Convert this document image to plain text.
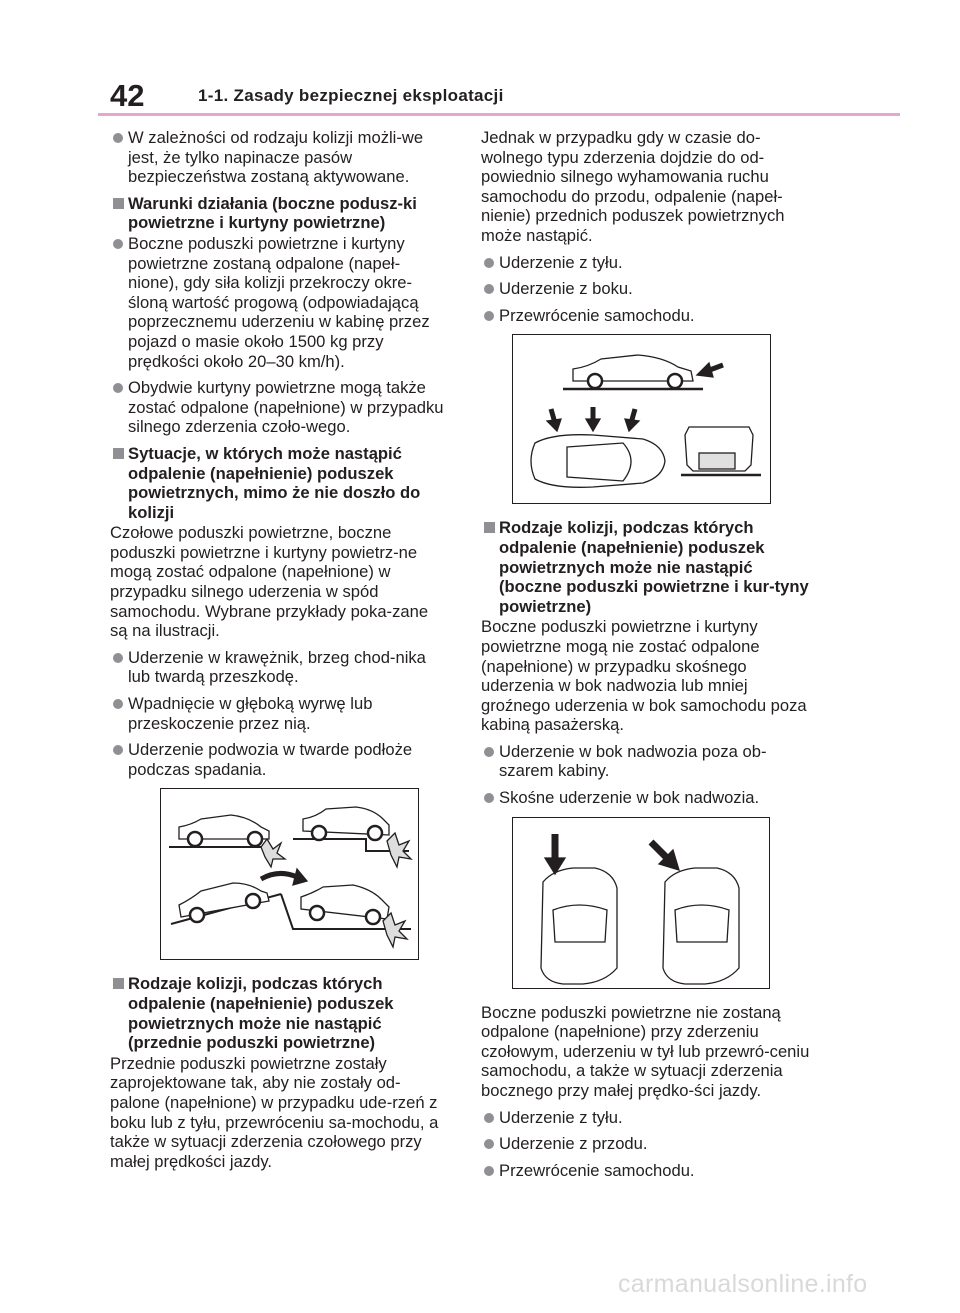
42	1-1. Zasady bezpiecznej eksploatacji
W zależności od rodzaju kolizji możli-we jest, że tylko napinacze pasów bezpieczeństwa zostaną aktywowane.
Warunki działania (boczne podusz-ki powietrzne i kurtyny powietrzne)
Boczne poduszki powietrzne i kurtyny powietrzne zostaną odpalone (napeł-nione), gdy siła kolizji przekroczy okre-śloną wartość progową (odpowiadającą poprzecznemu uderzeniu w kabinę przez pojazd o masie około 1500 kg przy prędkości około 20–30 km/h).
Obydwie kurtyny powietrzne mogą także zostać odpalone (napełnione) w przypadku silnego zderzenia czoło-wego.
Sytuacje, w których może nastąpić odpalenie (napełnienie) poduszek powietrznych, mimo że nie doszło do kolizji
Czołowe poduszki powietrzne, boczne poduszki powietrzne i kurtyny powietrz-ne mogą zostać odpalone (napełnione) w przypadku silnego uderzenia w spód samochodu. Wybrane przykłady poka-zane są na ilustracji.
Uderzenie w krawężnik, brzeg chod-nika lub twardą przeszkodę.
Wpadnięcie w głęboką wyrwę lub przeskoczenie przez nią.
Uderzenie podwozia w twarde podłoże podczas spadania.
Rodzaje kolizji, podczas których odpalenie (napełnienie) poduszek powietrznych może nie nastąpić (przednie poduszki powietrzne)
Przednie poduszki powietrzne zostały zaprojektowane tak, aby nie zostały od-palone (napełnione) w przypadku ude-rzeń z boku lub z tyłu, przewróceniu sa-mochodu, a także w sytuacji zderzenia czołowego przy małej prędkości jazdy.
Jednak w przypadku gdy w czasie do-wolnego typu zderzenia dojdzie do od-powiednio silnego wyhamowania ruchu samochodu do przodu, odpalenie (napeł-nienie) przednich poduszek powietrznych może nastąpić.
Uderzenie z tyłu.
Uderzenie z boku.
Przewrócenie samochodu.
Rodzaje kolizji, podczas których odpalenie (napełnienie) poduszek powietrznych może nie nastąpić (boczne poduszki powietrzne i kur-tyny powietrzne)
Boczne poduszki powietrzne i kurtyny powietrzne mogą nie zostać odpalone (napełnione) w przypadku skośnego uderzenia w bok nadwozia lub mniej groźnego uderzenia w bok samochodu poza kabiną pasażerską.
Uderzenie w bok nadwozia poza ob-szarem kabiny.
Skośne uderzenie w bok nadwozia.
Boczne poduszki powietrzne nie zostaną odpalone (napełnione) przy zderzeniu czołowym, uderzeniu w tył lub przewró-ceniu samochodu, a także w sytuacji zderzenia bocznego przy małej prędko-ści jazdy.
Uderzenie z tyłu.
Uderzenie z przodu.
Przewrócenie samochodu.
carmanualsonline.info
